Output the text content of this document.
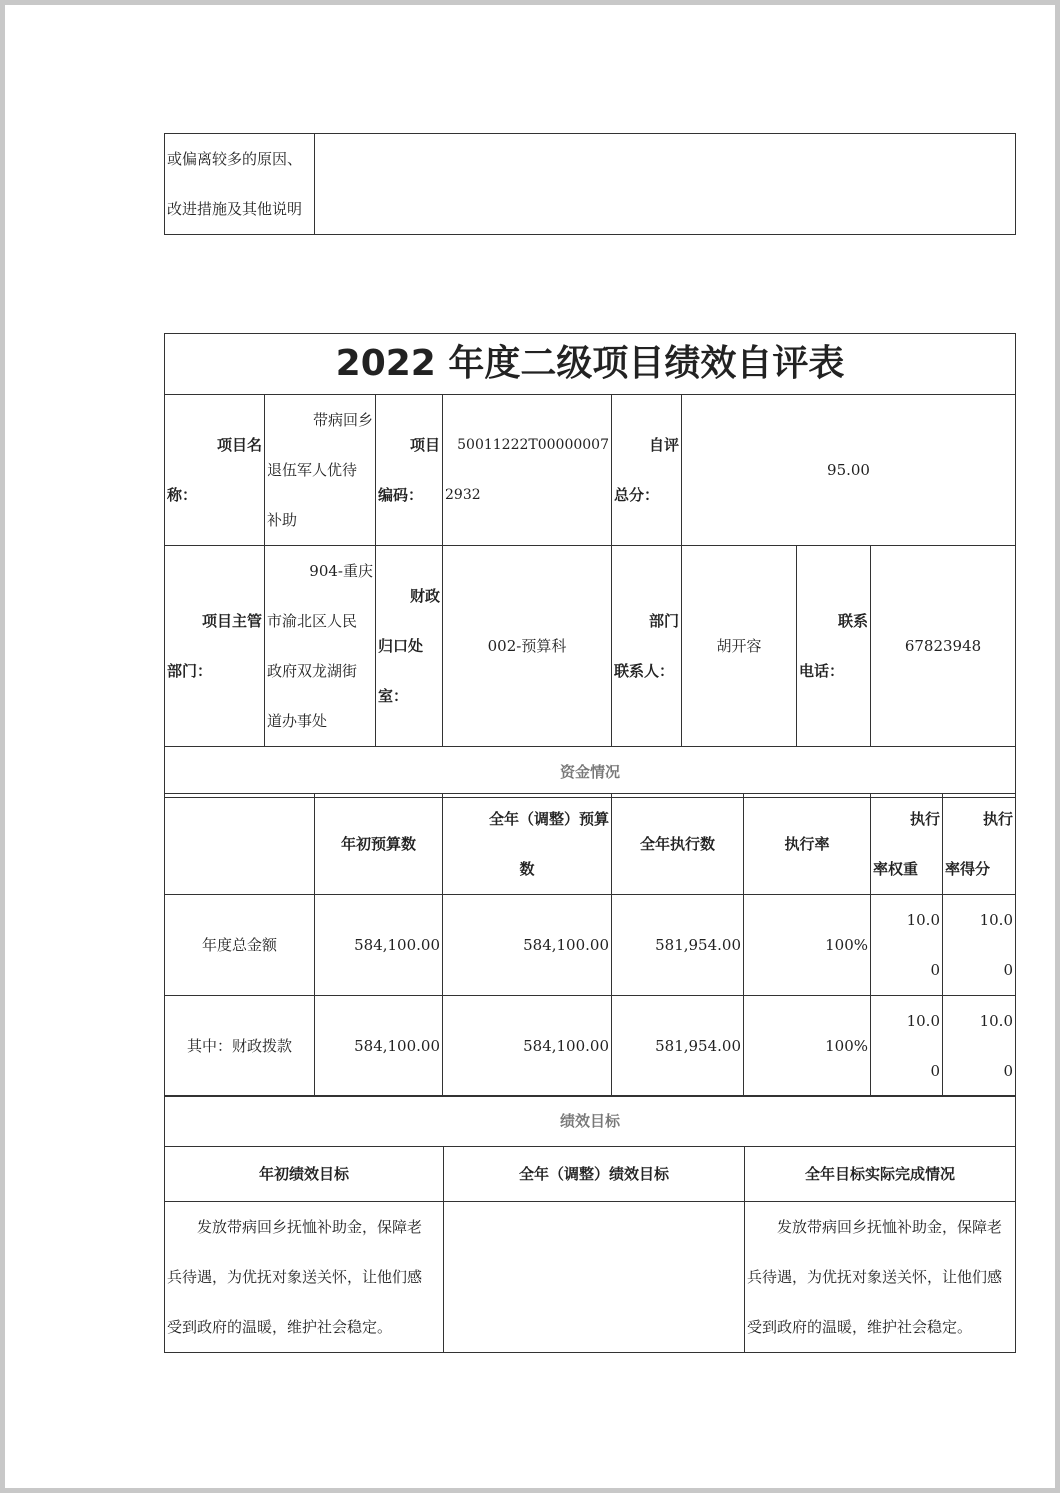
或偏离较多的原因、
改进措施及其他说明

2022 年度二级项目绩效自评表							

项目名
称：	带病回乡
退伍军人优待
补助	项目
编码：	50011222T00000007
2932	自评
总分：	95.00		

项目主管
部门：	904-重庆
市渝北区人民
政府双龙湖街
道办事处	财政
归口处
室：	002-预算科	部门
联系人：	胡开容	联系
电话：	67823948
资金情况							
	年初预算数	全年（调整）预算
数	全年执行数	执行率	执行
率权重	执行
率得分

年度总金额	584,100.00	584,100.00	581,954.00	100%	10.0
0	10.0
0

其中：财政拨款	584,100.00	584,100.00	581,954.00	100%	10.0
0	10.0
0
绩效目标		
年初绩效目标	全年（调整）绩效目标	全年目标实际完成情况

发放带病回乡抚恤补助金，保障老
兵待遇，为优抚对象送关怀，让他们感
受到政府的温暖，维护社会稳定。		发放带病回乡抚恤补助金，保障老
兵待遇，为优抚对象送关怀，让他们感
受到政府的温暖，维护社会稳定。
